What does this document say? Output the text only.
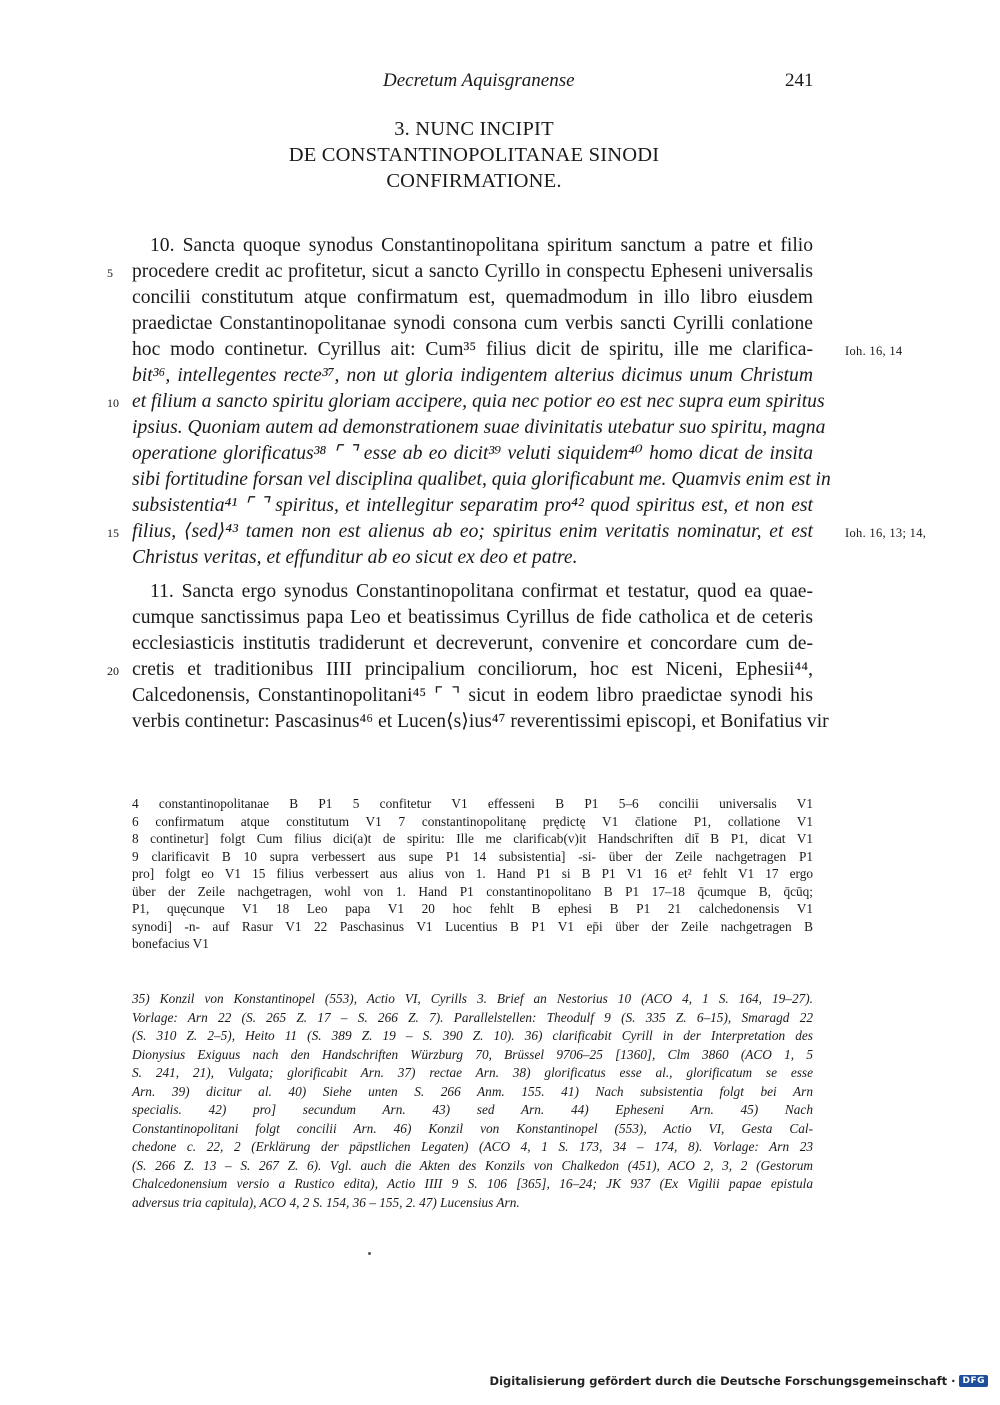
Decretum Aquisgranense	241
3. NUNC INCIPIT
DE CONSTANTINOPOLITANAE SINODI
CONFIRMATIONE.
10. Sancta quoque synodus Constantinopolitana spiritum sanctum a patre et filio
5 procedere credit ac profitetur, sicut a sancto Cyrillo in conspectu Epheseni universalis
concilii constitutum atque confirmatum est, quemadmodum in illo libro eiusdem
praedictae Constantinopolitanae synodi consona cum verbis sancti Cyrilli conlatione
hoc modo continetur. Cyrillus ait: Cum³⁵ filius dicit de spiritu, ille me clarifica-	Ioh. 16, 14
bit³⁶, intellegentes recte³⁷, non ut gloria indigentem alterius dicimus unum Christum
10 et filium a sancto spiritu gloriam accipere, quia nec potior eo est nec supra eum spiritus
ipsius. Quoniam autem ad demonstrationem suae divinitatis utebatur suo spiritu, magna
operatione glorificatus³⁸ ⌜ ⌝ esse ab eo dicit³⁹ veluti siquidem⁴⁰ homo dicat de insita
sibi fortitudine forsan vel disciplina qualibet, quia glorificabunt me. Quamvis enim est in
subsistentia⁴¹ ⌜ ⌝ spiritus, et intellegitur separatim pro⁴² quod spiritus est, et non est
15 filius, ⟨sed⟩⁴³ tamen non est alienus ab eo; spiritus enim veritatis nominatur, et est	Ioh. 16, 13; 14,
Christus veritas, et effunditur ab eo sicut ex deo et patre.
11. Sancta ergo synodus Constantinopolitana confirmat et testatur, quod ea quae-
cumque sanctissimus papa Leo et beatissimus Cyrillus de fide catholica et de ceteris
ecclesiasticis institutis tradiderunt et decreverunt, convenire et concordare cum de-
20 cretis et traditionibus IIII principalium conciliorum, hoc est Niceni, Ephesii⁴⁴,
Calcedonensis, Constantinopolitani⁴⁵ ⌜ ⌝ sicut in eodem libro praedictae synodi his
verbis continetur: Pascasinus⁴⁶ et Lucen⟨s⟩ius⁴⁷ reverentissimi episcopi, et Bonifatius vir
4 constantinopolitanae B P1 5 confitetur V1 effesseni B P1 5–6 concilii universalis V1
6 confirmatum atque constitutum V1 7 constantinopolitanę prędictę V1 c̄latione P1, collatione V1
8 continetur] folgt Cum filius dici(a)t de spiritu: Ille me clarificab(v)it Handschriften dit̄ B P1, dicat V1
9 clarificavit B 10 supra verbessert aus supe P1 14 subsistentia] -si- über der Zeile nachgetragen P1
pro] folgt eo V1 15 filius verbessert aus alius von 1. Hand P1 si B P1 V1 16 et² fehlt V1 17 ergo
über der Zeile nachgetragen, wohl von 1. Hand P1 constantinopolitano B P1 17–18 q̄cumque B, q̄cūq;
P1, quęcunque V1 18 Leo papa V1 20 hoc fehlt B ephesi B P1 21 calchedonensis V1
synodi] -n- auf Rasur V1 22 Paschasinus V1 Lucentius B P1 V1 ep̄i über der Zeile nachgetragen B
bonefacius V1
35) Konzil von Konstantinopel (553), Actio VI, Cyrills 3. Brief an Nestorius 10 (ACO 4, 1 S. 164, 19–27).
Vorlage: Arn 22 (S. 265 Z. 17 – S. 266 Z. 7). Parallelstellen: Theodulf 9 (S. 335 Z. 6–15), Smaragd 22
(S. 310 Z. 2–5), Heito 11 (S. 389 Z. 19 – S. 390 Z. 10). 36) clarificabit Cyrill in der Interpretation des
Dionysius Exiguus nach den Handschriften Würzburg 70, Brüssel 9706–25 [1360], Clm 3860 (ACO 1, 5
S. 241, 21), Vulgata; glorificabit Arn. 37) rectae Arn. 38) glorificatus esse al., glorificatum se esse
Arn. 39) dicitur al. 40) Siehe unten S. 266 Anm. 155. 41) Nach subsistentia folgt bei Arn
specialis. 42) pro] secundum Arn. 43) sed Arn. 44) Epheseni Arn. 45) Nach
Constantinopolitani folgt concilii Arn. 46) Konzil von Konstantinopel (553), Actio VI, Gesta Cal-
chedone c. 22, 2 (Erklärung der päpstlichen Legaten) (ACO 4, 1 S. 173, 34 – 174, 8). Vorlage: Arn 23
(S. 266 Z. 13 – S. 267 Z. 6). Vgl. auch die Akten des Konzils von Chalkedon (451), ACO 2, 3, 2 (Gestorum
Chalcedonensium versio a Rustico edita), Actio IIII 9 S. 106 [365], 16–24; JK 937 (Ex Vigilii papae epistula
adversus tria capitula), ACO 4, 2 S. 154, 36 – 155, 2. 47) Lucensius Arn.
Digitalisierung gefördert durch die Deutsche Forschungsgemeinschaft · DFG
